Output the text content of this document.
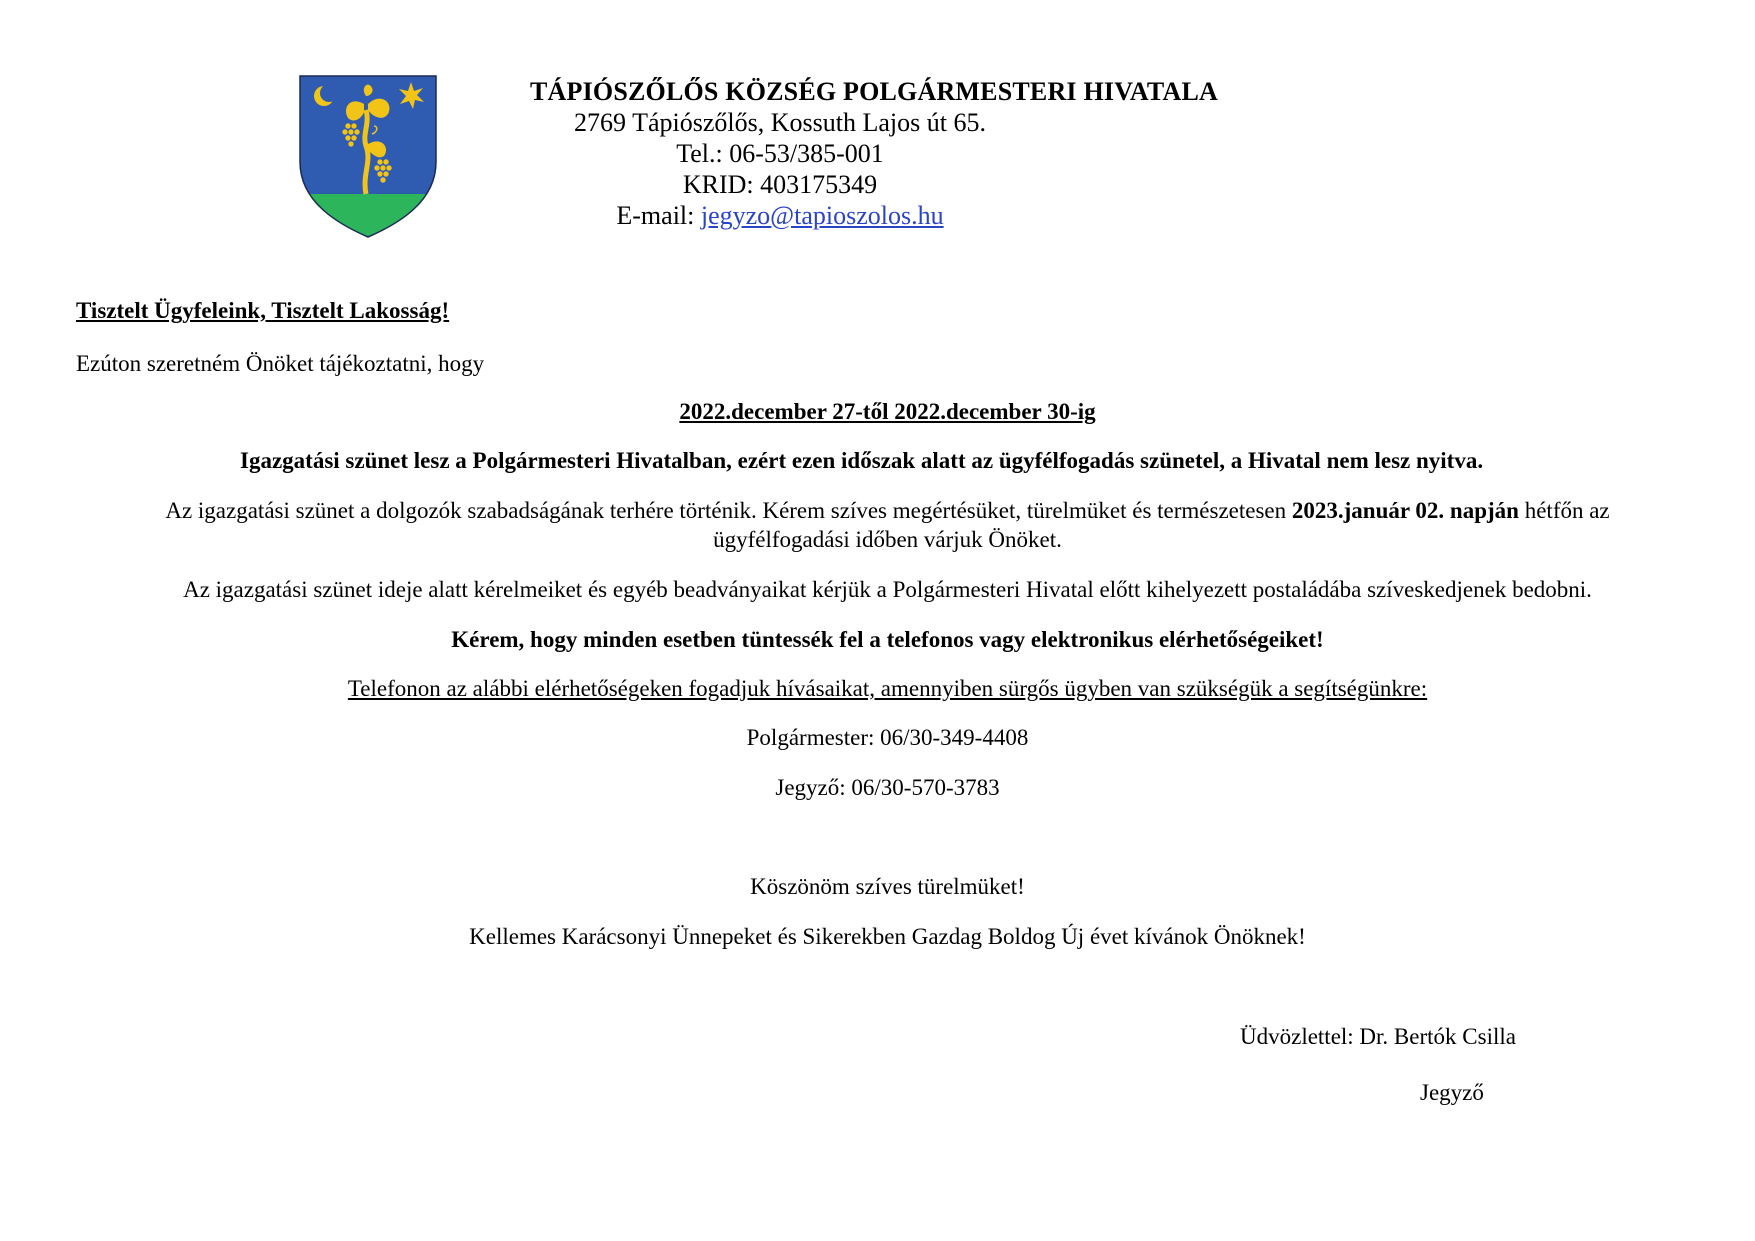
TÁPIÓSZŐLŐS KÖZSÉG POLGÁRMESTERI HIVATALA
2769 Tápiószőlős, Kossuth Lajos út 65.
Tel.: 06-53/385-001
KRID: 403175349
E-mail: jegyzo@tapioszolos.hu
Tisztelt Ügyfeleink, Tisztelt Lakosság!
Ezúton szeretném Önöket tájékoztatni, hogy
2022.december 27-től 2022.december 30-ig
Igazgatási szünet lesz a Polgármesteri Hivatalban, ezért ezen időszak alatt az ügyfélfogadás szünetel, a Hivatal nem lesz nyitva.
Az igazgatási szünet a dolgozók szabadságának terhére történik. Kérem szíves megértésüket, türelmüket és természetesen 2023.január 02. napján hétfőn az
ügyfélfogadási időben várjuk Önöket.
Az igazgatási szünet ideje alatt kérelmeiket és egyéb beadványaikat kérjük a Polgármesteri Hivatal előtt kihelyezett postaládába szíveskedjenek bedobni.
Kérem, hogy minden esetben tüntessék fel a telefonos vagy elektronikus elérhetőségeiket!
Telefonon az alábbi elérhetőségeken fogadjuk hívásaikat, amennyiben sürgős ügyben van szükségük a segítségünkre:
Polgármester: 06/30-349-4408
Jegyző: 06/30-570-3783
Köszönöm szíves türelmüket!
Kellemes Karácsonyi Ünnepeket és Sikerekben Gazdag Boldog Új évet kívánok Önöknek!
Üdvözlettel: Dr. Bertók Csilla
Jegyző
